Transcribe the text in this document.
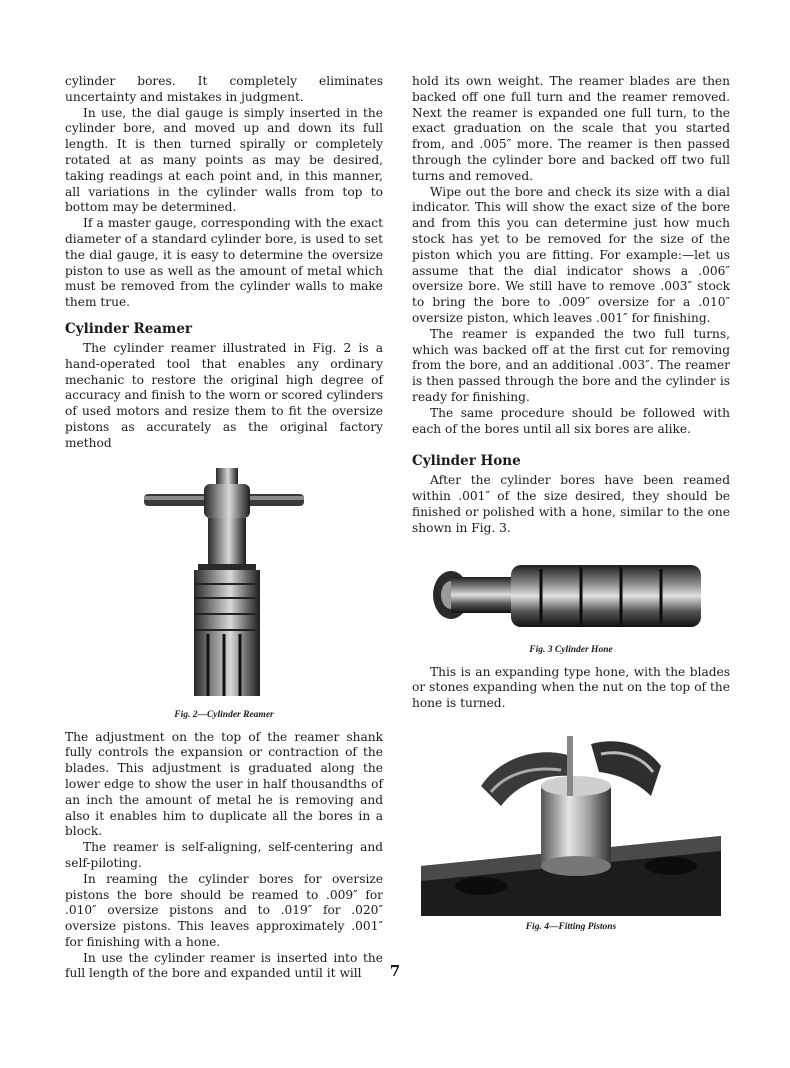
cylinder bores. It completely eliminates uncertainty and mistakes in judgment.

In use, the dial gauge is simply inserted in the cylinder bore, and moved up and down its full length. It is then turned spirally or completely rotated at as many points as may be desired, taking readings at each point and, in this manner, all variations in the cylinder walls from top to bottom may be determined.

If a master gauge, corresponding with the exact diameter of a standard cylinder bore, is used to set the dial gauge, it is easy to determine the oversize piston to use as well as the amount of metal which must be removed from the cylinder walls to make them true.

Cylinder Reamer

The cylinder reamer illustrated in Fig. 2 is a hand-operated tool that enables any ordinary mechanic to restore the original high degree of accuracy and finish to the worn or scored cylinders of used motors and resize them to fit the oversize pistons as accurately as the original factory method

Fig. 2—Cylinder Reamer

The adjustment on the top of the reamer shank fully controls the expansion or contraction of the blades. This adjustment is graduated along the lower edge to show the user in half thousandths of an inch the amount of metal he is removing and also it enables him to duplicate all the bores in a block.

The reamer is self-aligning, self-centering and self-piloting.

In reaming the cylinder bores for oversize pistons the bore should be reamed to .009″ for .010″ oversize pistons and to .019″ for .020″ oversize pistons. This leaves approximately .001″ for finishing with a hone.

In use the cylinder reamer is inserted into the full length of the bore and expanded until it will

hold its own weight. The reamer blades are then backed off one full turn and the reamer removed. Next the reamer is expanded one full turn, to the exact graduation on the scale that you started from, and .005″ more. The reamer is then passed through the cylinder bore and backed off two full turns and removed.

Wipe out the bore and check its size with a dial indicator. This will show the exact size of the bore and from this you can determine just how much stock has yet to be removed for the size of the piston which you are fitting. For example:—let us assume that the dial indicator shows a .006″ oversize bore. We still have to remove .003″ stock to bring the bore to .009″ oversize for a .010″ oversize piston, which leaves .001″ for finishing.

The reamer is expanded the two full turns, which was backed off at the first cut for removing from the bore, and an additional .003″. The reamer is then passed through the bore and the cylinder is ready for finishing.

The same procedure should be followed with each of the bores until all six bores are alike.

Cylinder Hone

After the cylinder bores have been reamed within .001″ of the size desired, they should be finished or polished with a hone, similar to the one shown in Fig. 3.

Fig. 3 Cylinder Hone

This is an expanding type hone, with the blades or stones expanding when the nut on the top of the hone is turned.

Fig. 4—Fitting Pistons
7
